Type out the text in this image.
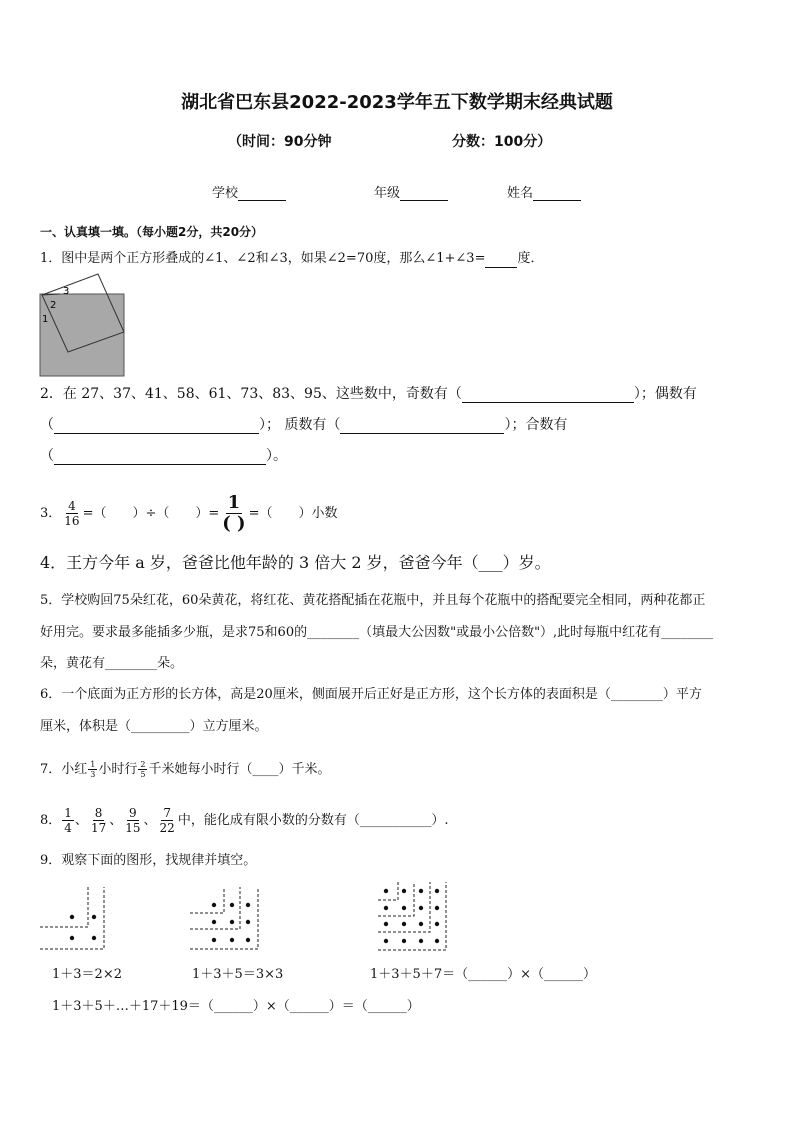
湖北省巴东县2022-2023学年五下数学期末经典试题
（时间：90分钟	分数：100分）
学校	年级	姓名
一、认真填一填。（每小题2分，共20分）
1．图中是两个正方形叠成的∠1、∠2和∠3，如果∠2=70度，那么∠1+∠3= 度．
1
2
3
2．在 27、37、41、58、61、73、83、95、这些数中，奇数有（	）；偶数有
（	）； 质数有（	）；合数有
（	）。
3． $\frac{4}{16}$ =（　　）÷（　　）= $\frac{1}{( )}$ =（　　）小数
4．王方今年 a 岁，爸爸比他年龄的 3 倍大 2 岁，爸爸今年（___）岁。
5．学校购回75朵红花，60朵黄花，将红花、黄花搭配插在花瓶中，并且每个花瓶中的搭配要完全相同，两种花都正
好用完。要求最多能插多少瓶，是求75和60的________（填最大公因数"或最小公倍数"）,此时每瓶中红花有________
朵，黄花有________朵。
6．一个底面为正方形的长方体，高是20厘米，侧面展开后正好是正方形，这个长方体的表面积是（________）平方
厘米，体积是（_________）立方厘米。
7．小红 $\frac{1}{3}$ 小时行 $\frac{2}{5}$ 千米她每小时行（____）千米。
8． $\frac{1}{4}$ 、 $\frac{8}{17}$ 、 $\frac{9}{15}$ 、 $\frac{7}{22}$ 中，能化成有限小数的分数有（___________）.
9．观察下面的图形，找规律并填空。
1＋3＝2×2	1＋3＋5＝3×3	1＋3＋5＋7＝（______）×（______）
1＋3＋5＋…＋17＋19＝（______）×（______）＝（______）
